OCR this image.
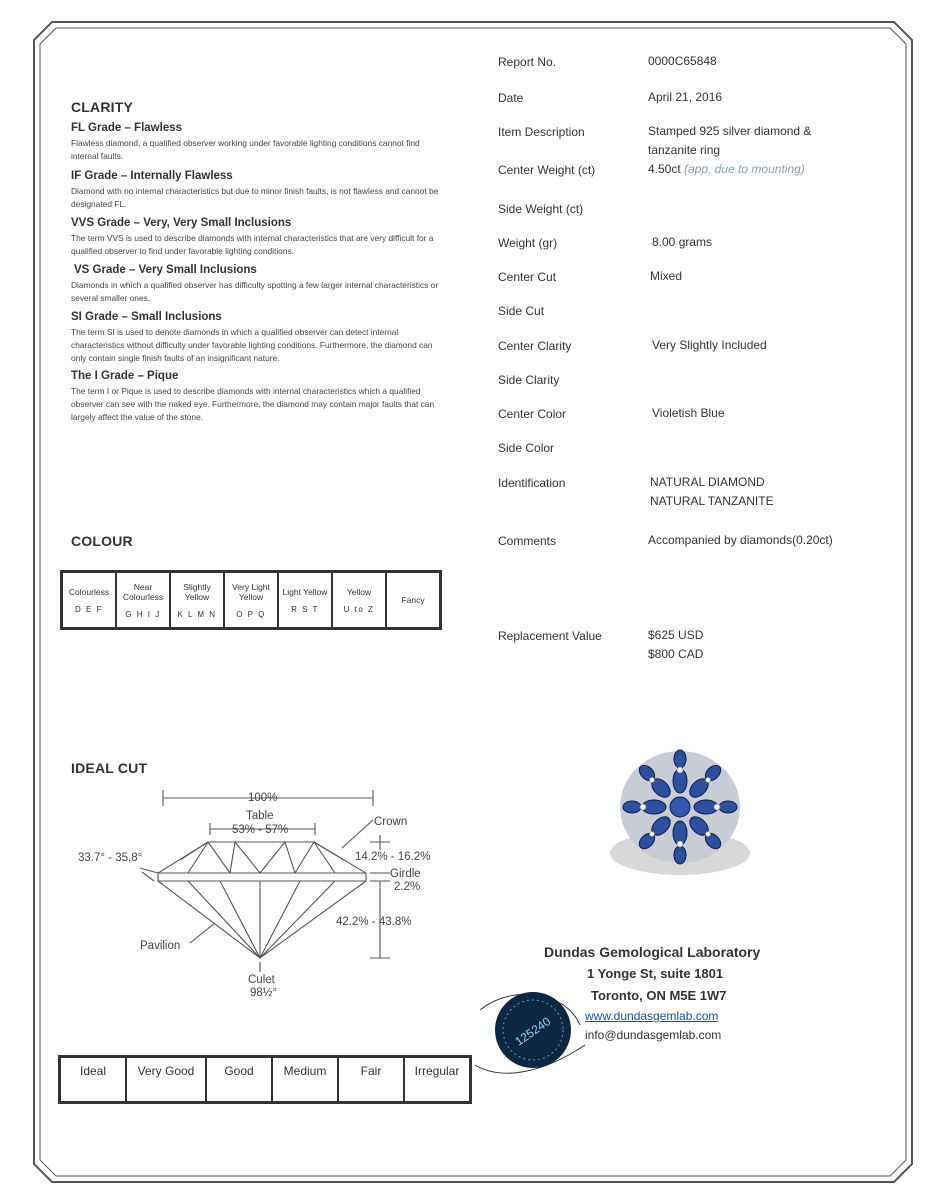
CLARITY
FL Grade – Flawless
Flawless diamond, a qualified observer working under favorable lighting conditions cannot find internal faults.
IF Grade – Internally Flawless
Diamond with no internal characteristics but due to minor finish faults, is not flawless and cannot be designated FL.
VVS Grade – Very, Very Small Inclusions
The term VVS is used to describe diamonds with internal characteristics that are very difficult for a qualified observer to find under favorable lighting conditions.
VS Grade – Very Small Inclusions
Diamonds in which a qualified observer has difficulty spotting a few larger internal characteristics or several smaller ones.
SI Grade – Small Inclusions
The term SI is used to denote diamonds in which a qualified observer can detect internal characteristics without difficulty under favorable lighting conditions. Furthermore, the diamond can only contain single finish faults of an insignificant nature.
The I Grade – Pique
The term I or Pique is used to describe diamonds with internal characteristics which a qualified observer can see with the naked eye. Furthermore, the diamond may contain major faults that can largely affect the value of the stone.
COLOUR
Colourless
D E F
	Near Colourless
G H I J
	Slightly Yellow
K L M N
	Very Light Yellow
O P Q
	Light Yellow
R S T
	Yellow
U to Z
	Fancy
IDEAL CUT
100%
Table
53% - 57%
Crown
33.7° - 35.8°	14.2% - 16.2%
Girdle
2.2%
42.2% - 43.8%
Pavilion
Culet
98½°
Ideal	Very Good	Good	Medium	Fair	Irregular
Report No.	0000C65848
Date	April 21, 2016
Item Description	Stamped 925 silver diamond &
tanzanite ring
Center Weight (ct)	4.50ct (app. due to mounting)
Side Weight (ct)
Weight (gr)	8.00 grams
Center Cut	Mixed
Side Cut
Center Clarity	Very Slightly Included
Side Clarity
Center Color	Violetish Blue
Side Color
Identification	NATURAL DIAMOND
NATURAL TANZANITE
Comments	Accompanied by diamonds(0.20ct)
Replacement Value	$625 USD
$800 CAD
Dundas Gemological Laboratory
1 Yonge St, suite 1801
Toronto, ON M5E 1W7
www.dundasgemlab.com
info@dundasgemlab.com
125240
